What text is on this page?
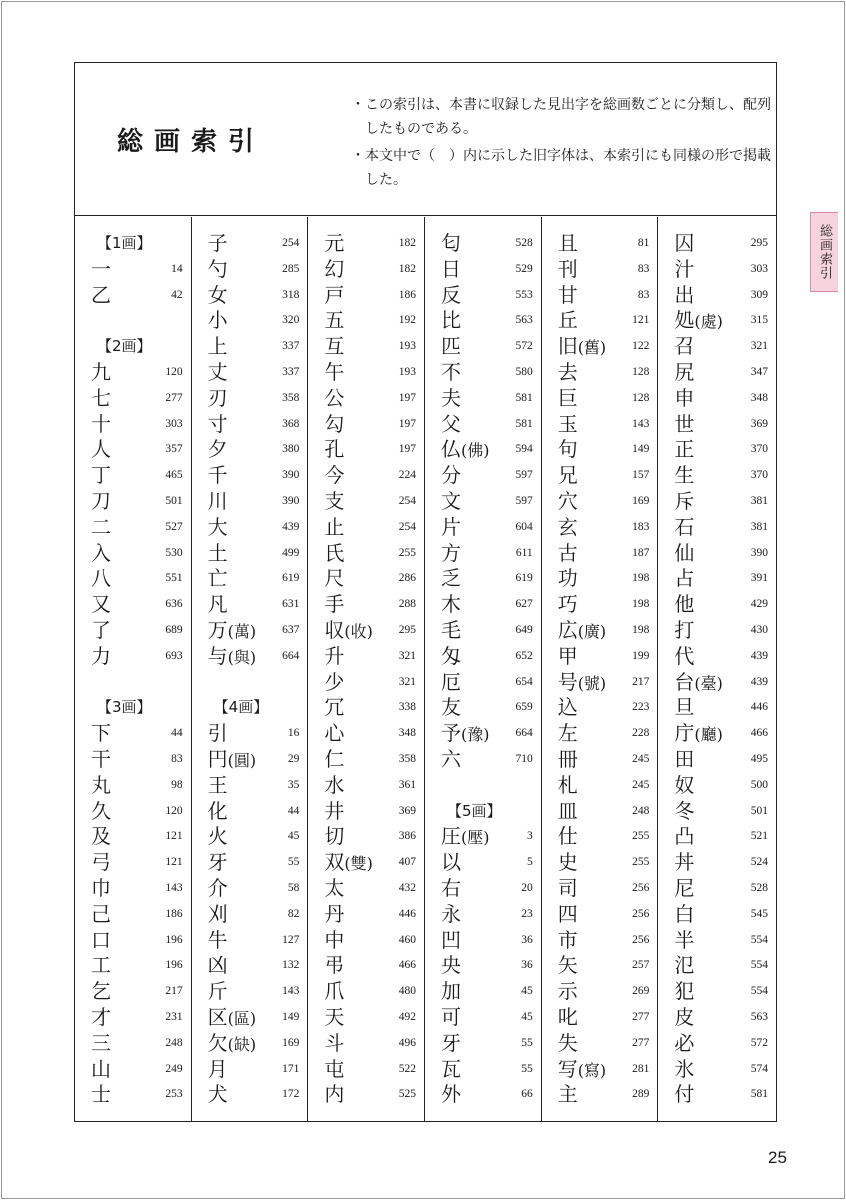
総画索引
・ この索引は、本書に収録した見出字を総画数ごとに分類し、配列したものである。
・ 本文中で（　）内に示した旧字体は、本索引にも同様の形で掲載した。
【1画】
一	14
乙	42
【2画】
九	120
七	277
十	303
人	357
丁	465
刀	501
二	527
入	530
八	551
又	636
了	689
力	693
【3画】
下	44
干	83
丸	98
久	120
及	121
弓	121
巾	143
己	186
口	196
工	196
乞	217
才	231
三	248
山	249
士	253
子	254
勺	285
女	318
小	320
上	337
丈	337
刃	358
寸	368
夕	380
千	390
川	390
大	439
土	499
亡	619
凡	631
万(萬) 637
与(與) 664
【4画】
引	16
円(圓)	29
王	35
化	44
火	45
牙	55
介	58
刈	82
牛	127
凶	132
斤	143
区(區) 149
欠(缺) 169
月	171
犬	172
元	182
幻	182
戸	186
五	192
互	193
午	193
公	197
勾	197
孔	197
今	224
支	254
止	254
氏	255
尺	286
手	288
収(收) 295
升	321
少	321
冗	338
心	348
仁	358
水	361
井	369
切	386
双(雙) 407
太	432
丹	446
中	460
弔	466
爪	480
天	492
斗	496
屯	522
内	525
匂	528
日	529
反	553
比	563
匹	572
不	580
夫	581
父	581
仏(佛) 594
分	597
文	597
片	604
方	611
乏	619
木	627
毛	649
匁	652
厄	654
友	659
予(豫) 664
六	710
【5画】
圧(壓)	3
以	5
右	20
永	23
凹	36
央	36
加	45
可	45
牙	55
瓦	55
外	66
且	81
刊	83
甘	83
丘	121
旧(舊) 122
去	128
巨	128
玉	143
句	149
兄	157
穴	169
玄	183
古	187
功	198
巧	198
広(廣) 198
甲	199
号(號) 217
込	223
左	228
冊	245
札	245
皿	248
仕	255
史	255
司	256
四	256
市	256
矢	257
示	269
叱	277
失	277
写(寫) 281
主	289
囚	295
汁	303
出	309
処(處) 315
召	321
尻	347
申	348
世	369
正	370
生	370
斥	381
石	381
仙	390
占	391
他	429
打	430
代	439
台(臺) 439
旦	446
庁(廳) 466
田	495
奴	500
冬	501
凸	521
丼	524
尼	528
白	545
半	554
氾	554
犯	554
皮	563
必	572
氷	574
付	581
総画索引
25
